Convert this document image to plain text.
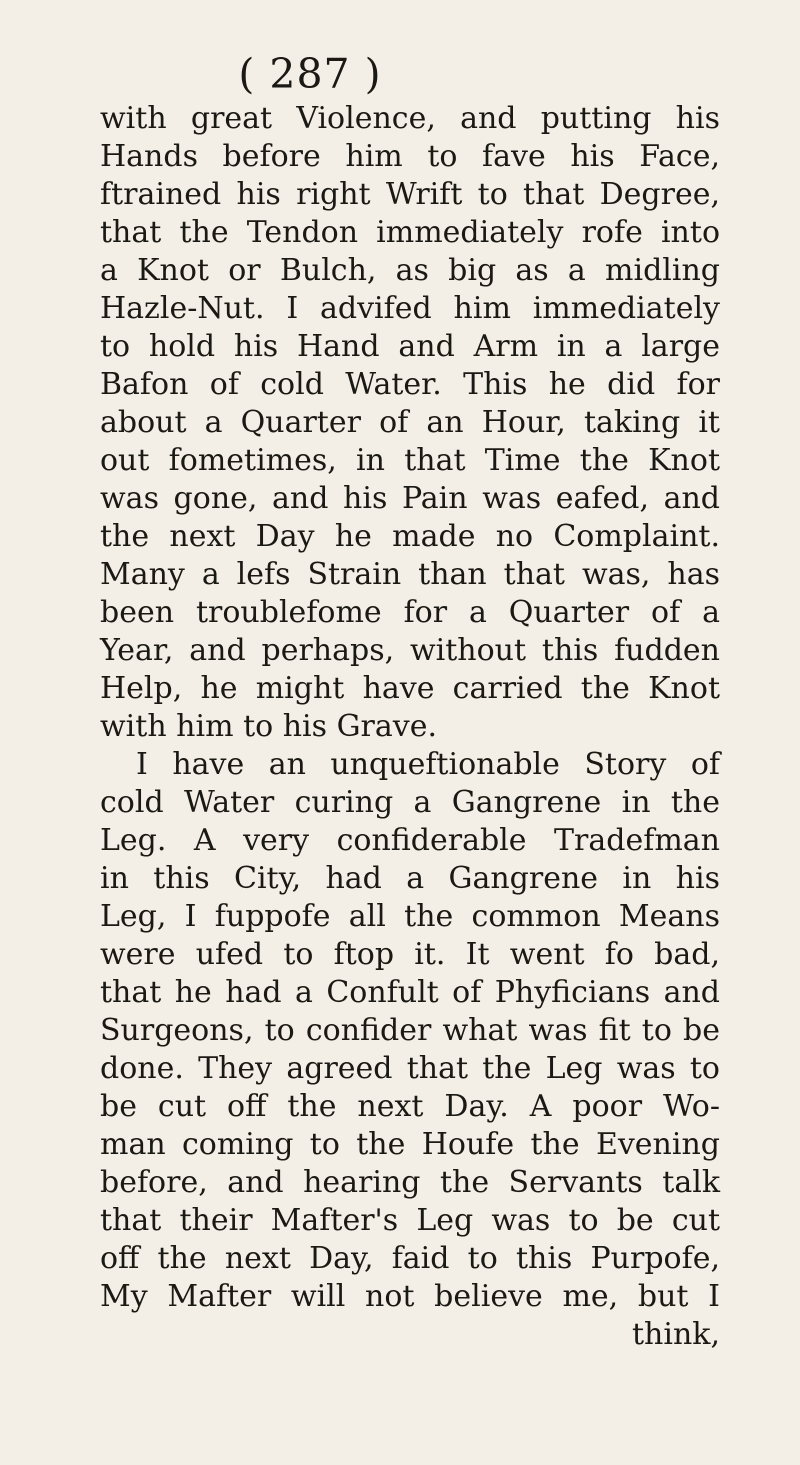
( 287 )
with great Violence, and putting his
Hands before him to fave his Face,
ftrained his right Wrift to that Degree,
that the Tendon immediately rofe into
a Knot or Bulch, as big as a midling
Hazle-Nut. I advifed him immediately
to hold his Hand and Arm in a large
Bafon of cold Water. This he did for
about a Quarter of an Hour, taking it
out fometimes, in that Time the Knot
was gone, and his Pain was eafed, and
the next Day he made no Complaint.
Many a lefs Strain than that was, has
been troublefome for a Quarter of a
Year, and perhaps, without this fudden
Help, he might have carried the Knot
with him to his Grave.
I have an unqueftionable Story of
cold Water curing a Gangrene in the
Leg. A very confiderable Tradefman
in this City, had a Gangrene in his
Leg, I fuppofe all the common Means
were ufed to ftop it. It went fo bad,
that he had a Confult of Phyficians and
Surgeons, to confider what was fit to be
done. They agreed that the Leg was to
be cut off the next Day. A poor Wo-
man coming to the Houfe the Evening
before, and hearing the Servants talk
that their Mafter's Leg was to be cut
off the next Day, faid to this Purpofe,
My Mafter will not believe me, but I
think,
